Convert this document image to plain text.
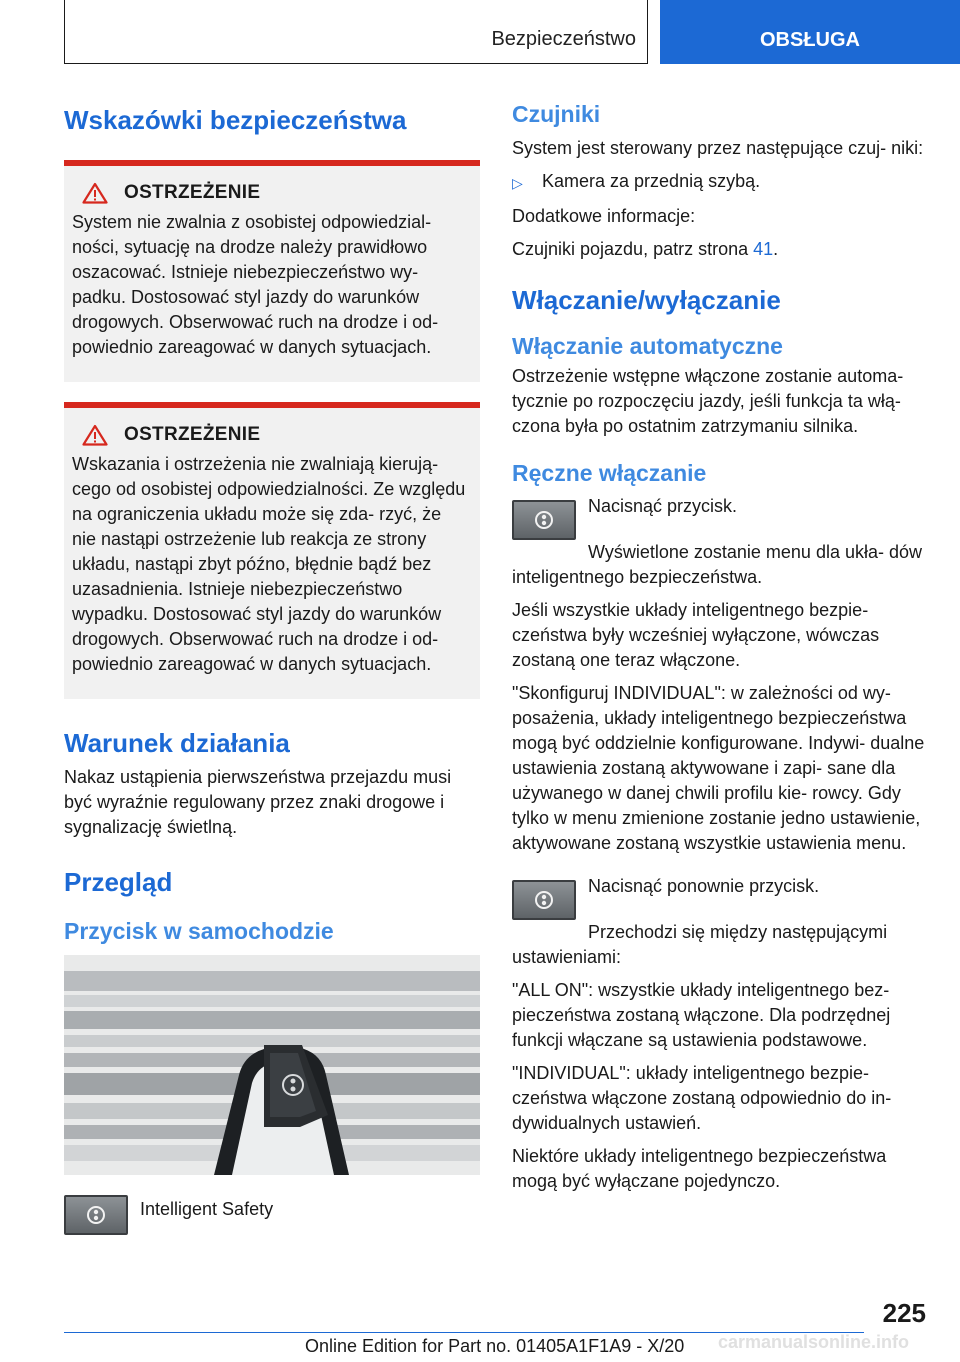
Bezpieczeństwo	OBSŁUGA
Wskazówki bezpieczeństwa
OSTRZEŻENIE

System nie zwalnia z osobistej odpowiedzial- ności, sytuację na drodze należy prawidłowo oszacować. Istnieje niebezpieczeństwo wy- padku. Dostosować styl jazdy do warunków drogowych. Obserwować ruch na drodze i od- powiednio zareagować w danych sytuacjach.

OSTRZEŻENIE

Wskazania i ostrzeżenia nie zwalniają kierują- cego od osobistej odpowiedzialności. Ze względu na ograniczenia układu może się zda- rzyć, że nie nastąpi ostrzeżenie lub reakcja ze strony układu, nastąpi zbyt późno, błędnie bądź bez uzasadnienia. Istnieje niebezpieczeństwo wypadku. Dostosować styl jazdy do warunków drogowych. Obserwować ruch na drodze i od- powiednio zareagować w danych sytuacjach.

Warunek działania

Nakaz ustąpienia pierwszeństwa przejazdu musi być wyraźnie regulowany przez znaki drogowe i sygnalizację świetlną.

Przegląd
Przycisk w samochodzie
Intelligent Safety
Czujniki

System jest sterowany przez następujące czuj- niki:

▷	Kamera za przednią szybą.

Dodatkowe informacje:

Czujniki pojazdu, patrz strona 41.

Włączanie/wyłączanie
Włączanie automatyczne

Ostrzeżenie wstępne włączone zostanie automa- tycznie po rozpoczęciu jazdy, jeśli funkcja ta włą- czona była po ostatnim zatrzymaniu silnika.

Ręczne włączanie

Nacisnąć przycisk.

Wyświetlone zostanie menu dla ukła- dów inteligentnego bezpieczeństwa.

Jeśli wszystkie układy inteligentnego bezpie- czeństwa były wcześniej wyłączone, wówczas zostaną one teraz włączone.

"Skonfiguruj INDIVIDUAL": w zależności od wy- posażenia, układy inteligentnego bezpieczeństwa mogą być oddzielnie konfigurowane. Indywi- dualne ustawienia zostaną aktywowane i zapi- sane dla używanego w danej chwili profilu kie- rowcy. Gdy tylko w menu zmienione zostanie jedno ustawienie, aktywowane zostaną wszystkie ustawienia menu.

Nacisnąć ponownie przycisk.

Przechodzi się między następującymi ustawieniami:

"ALL ON": wszystkie układy inteligentnego bez- pieczeństwa zostaną włączone. Dla podrzędnej funkcji włączane są ustawienia podstawowe.

"INDIVIDUAL": układy inteligentnego bezpie- czeństwa włączone zostaną odpowiednio do in- dywidualnych ustawień.

Niektóre układy inteligentnego bezpieczeństwa mogą być wyłączane pojedynczo.

225
Online Edition for Part no. 01405A1F1A9 - X/20 carmanualsonline.info
